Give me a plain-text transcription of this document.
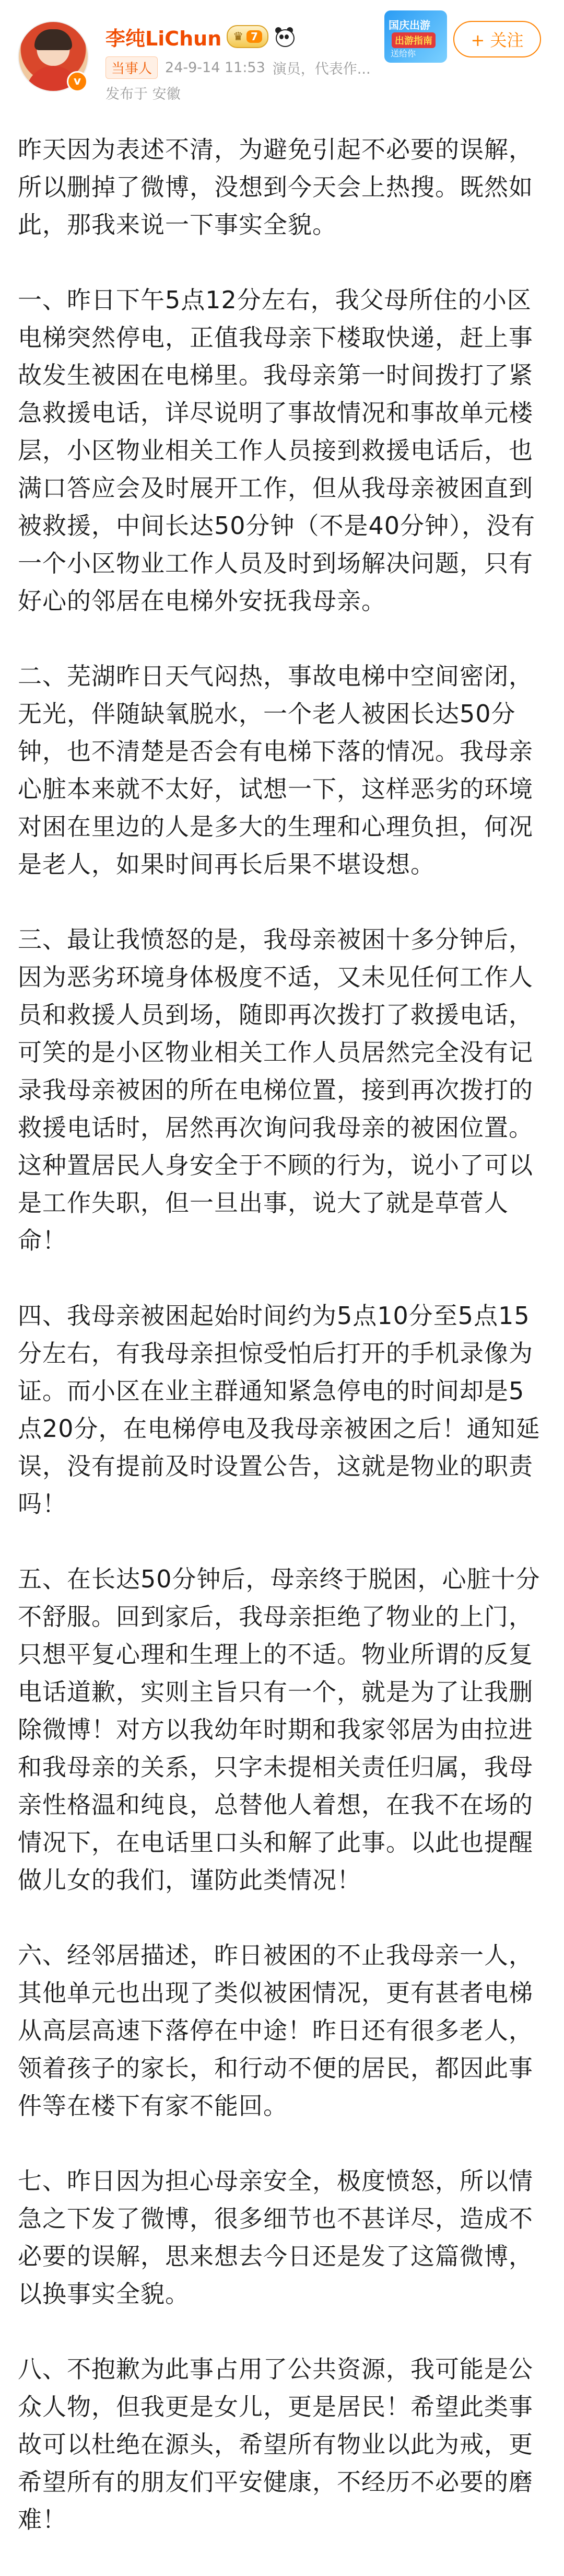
v
李纯LiChun ♛ 7
当事人 24-9-14 11:53 演员，代表作...
发布于 安徽
国庆出游
出游指南
送给你
+ 关注

昨天因为表述不清，为避免引起不必要的误解，所以删掉了微博，没想到今天会上热搜。既然如此，那我来说一下事实全貌。

一、昨日下午5点12分左右，我父母所住的小区电梯突然停电，正值我母亲下楼取快递，赶上事故发生被困在电梯里。我母亲第一时间拨打了紧急救援电话，详尽说明了事故情况和事故单元楼层，小区物业相关工作人员接到救援电话后，也满口答应会及时展开工作，但从我母亲被困直到被救援，中间长达50分钟（不是40分钟），没有一个小区物业工作人员及时到场解决问题，只有好心的邻居在电梯外安抚我母亲。

二、芜湖昨日天气闷热，事故电梯中空间密闭，无光，伴随缺氧脱水，一个老人被困长达50分钟，也不清楚是否会有电梯下落的情况。我母亲心脏本来就不太好，试想一下，这样恶劣的环境对困在里边的人是多大的生理和心理负担，何况是老人，如果时间再长后果不堪设想。

三、最让我愤怒的是，我母亲被困十多分钟后，因为恶劣环境身体极度不适，又未见任何工作人员和救援人员到场，随即再次拨打了救援电话，可笑的是小区物业相关工作人员居然完全没有记录我母亲被困的所在电梯位置，接到再次拨打的救援电话时，居然再次询问我母亲的被困位置。这种置居民人身安全于不顾的行为，说小了可以是工作失职，但一旦出事，说大了就是草菅人命！

四、我母亲被困起始时间约为5点10分至5点15分左右，有我母亲担惊受怕后打开的手机录像为证。而小区在业主群通知紧急停电的时间却是5点20分，在电梯停电及我母亲被困之后！通知延误，没有提前及时设置公告，这就是物业的职责吗！

五、在长达50分钟后，母亲终于脱困，心脏十分不舒服。回到家后，我母亲拒绝了物业的上门，只想平复心理和生理上的不适。物业所谓的反复电话道歉，实则主旨只有一个，就是为了让我删除微博！对方以我幼年时期和我家邻居为由拉进和我母亲的关系，只字未提相关责任归属，我母亲性格温和纯良，总替他人着想，在我不在场的情况下，在电话里口头和解了此事。以此也提醒做儿女的我们，谨防此类情况！

六、经邻居描述，昨日被困的不止我母亲一人，其他单元也出现了类似被困情况，更有甚者电梯从高层高速下落停在中途！昨日还有很多老人，领着孩子的家长，和行动不便的居民，都因此事件等在楼下有家不能回。

七、昨日因为担心母亲安全，极度愤怒，所以情急之下发了微博，很多细节也不甚详尽，造成不必要的误解，思来想去今日还是发了这篇微博，以换事实全貌。

八、不抱歉为此事占用了公共资源，我可能是公众人物，但我更是女儿，更是居民！希望此类事故可以杜绝在源头，希望所有物业以此为戒，更希望所有的朋友们平安健康，不经历不必要的磨难！
